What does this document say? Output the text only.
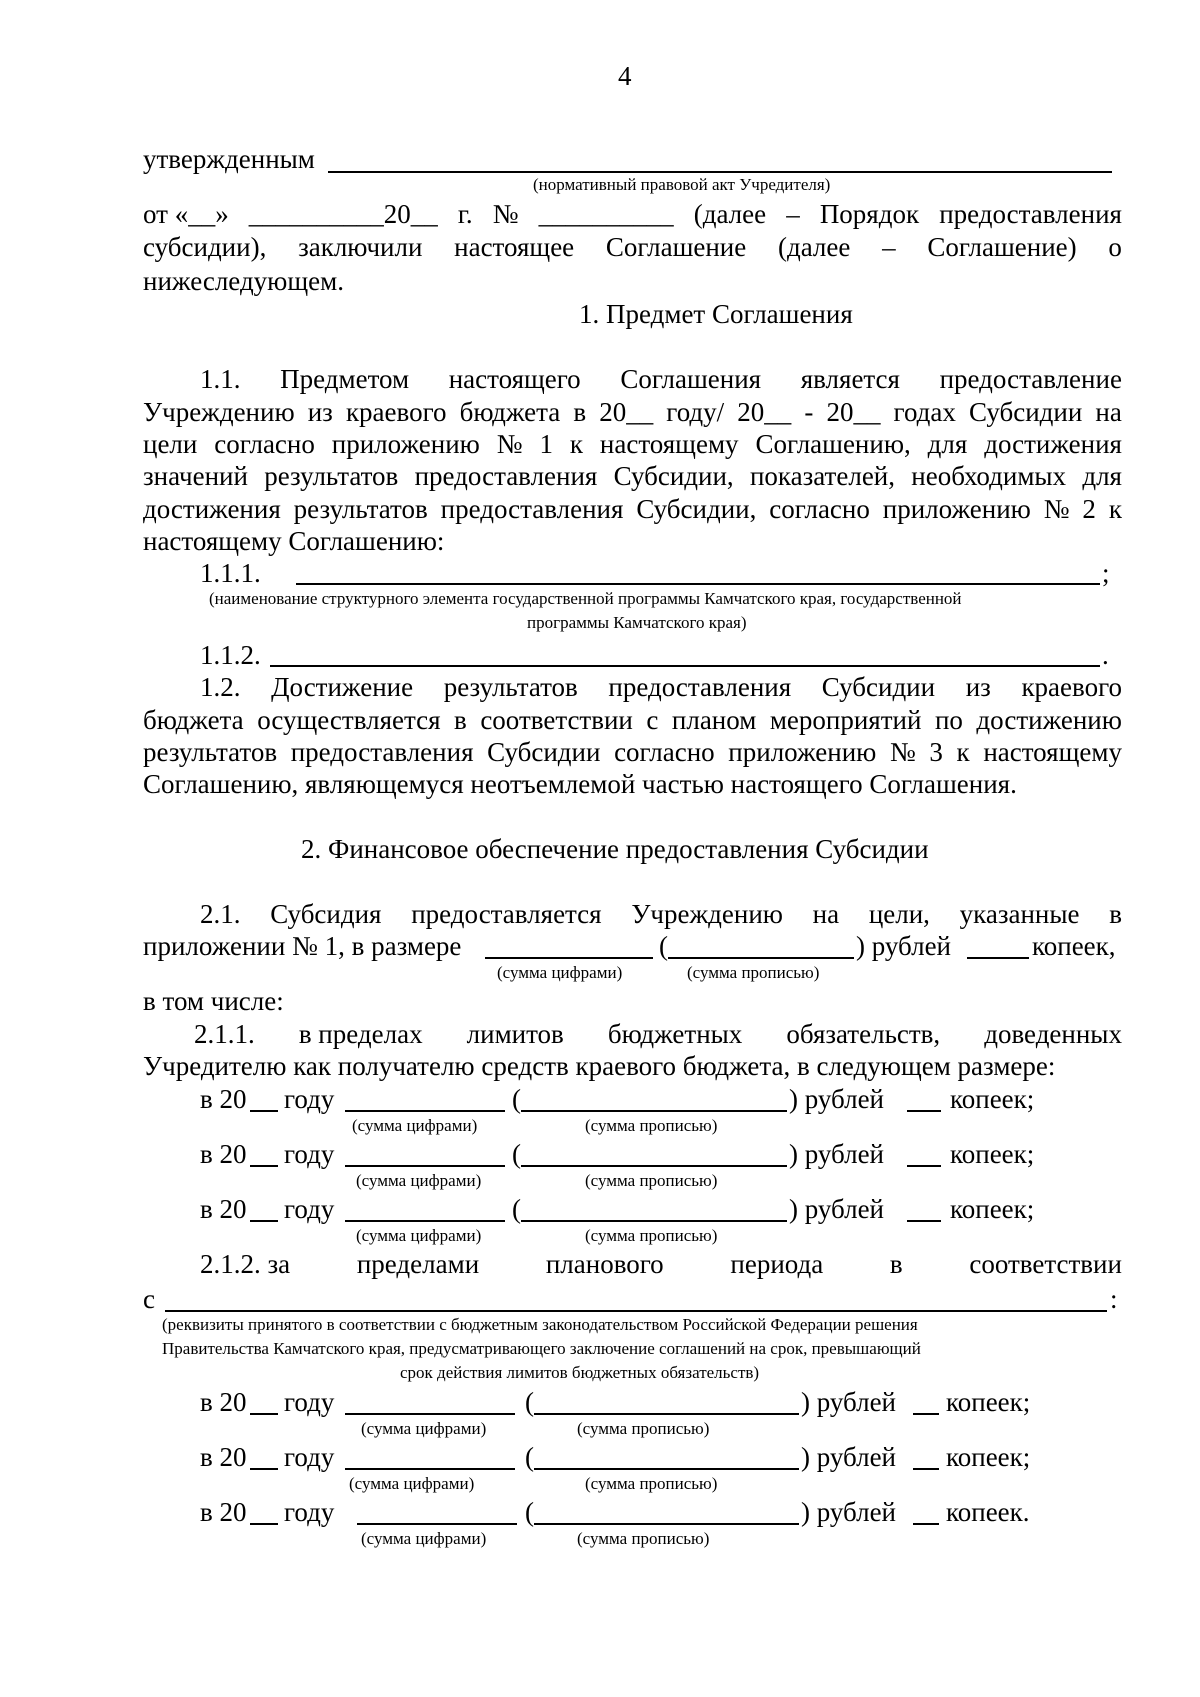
4
утвержденным
(нормативный правовой акт Учредителя)
от «__» __________20__ г. № __________ (далее – Порядок предоставления
субсидии), заключили настоящее Соглашение (далее – Соглашение) о
нижеследующем.
1. Предмет Соглашения
1.1. Предметом настоящего Соглашения является предоставление
Учреждению из краевого бюджета в 20__ году/ 20__ - 20__ годах Субсидии на
цели согласно приложению № 1 к настоящему Соглашению, для достижения
значений результатов предоставления Субсидии, показателей, необходимых для
достижения результатов предоставления Субсидии, согласно приложению № 2 к
настоящему Соглашению:
1.1.1.	;
(наименование структурного элемента государственной программы Камчатского края, государственной
программы Камчатского края)
1.1.2.	.
1.2. Достижение результатов предоставления Субсидии из краевого
бюджета осуществляется в соответствии с планом мероприятий по достижению
результатов предоставления Субсидии согласно приложению № 3 к настоящему
Соглашению, являющемуся неотъемлемой частью настоящего Соглашения.
2. Финансовое обеспечение предоставления Субсидии
2.1. Субсидия предоставляется Учреждению на цели, указанные в
приложении № 1, в размере	(	) рублей	копеек,
(сумма цифрами)	(сумма прописью)
в том числе:
2.1.1. в пределах лимитов бюджетных обязательств, доведенных
Учредителю как получателю средств краевого бюджета, в следующем размере:
в 20 году	(	) рублей копеек;
(сумма цифрами)	(сумма прописью)
в 20 году	(	) рублей копеек;
(сумма цифрами)	(сумма прописью)
в 20 году	(	) рублей копеек;
(сумма цифрами)	(сумма прописью)
2.1.2. за пределами планового периода в соответствии
с	:
(реквизиты принятого в соответствии с бюджетным законодательством Российской Федерации решения
Правительства Камчатского края, предусматривающего заключение соглашений на срок, превышающий
срок действия лимитов бюджетных обязательств)
в 20 году	(	) рублей копеек;
(сумма цифрами)	(сумма прописью)
в 20 году	(	) рублей копеек;
(сумма цифрами)	(сумма прописью)
в 20 году	(	) рублей копеек.
(сумма цифрами)	(сумма прописью)
